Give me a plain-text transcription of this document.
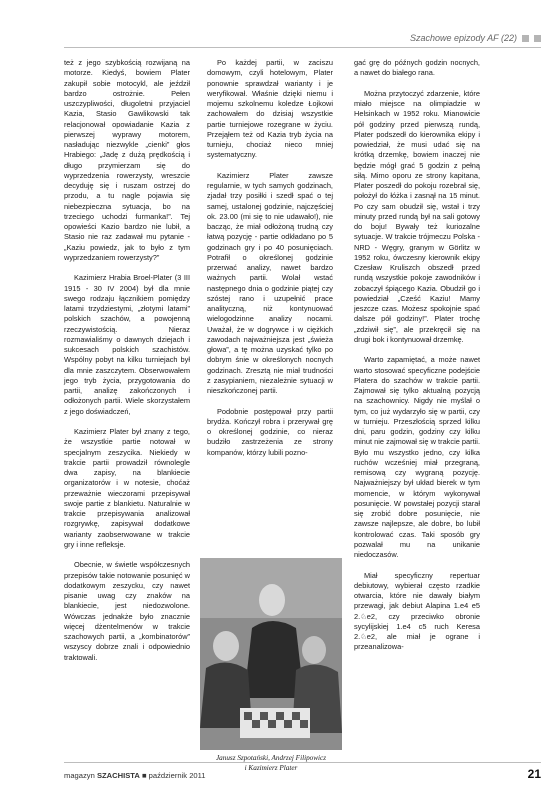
Szachowe epizody AF (22)

też z jego szybkością rozwijaną na motorze. Kiedyś, bowiem Plater zakupił sobie motocykl, ale jeździł bardzo ostrożnie. Pełen uszczypliwości, długoletni przyjaciel Kazia, Stasio Gawlikowski tak relacjonował opowiadanie Kazia z pierwszej wyprawy motorem, nasładując niezwykle „cienki” głos Hrabiego: „Jadę z dużą prędkością i długo przymierzam się do wyprzedzenia rowerzysty, wreszcie decyduję się i ruszam ostrzej do przodu, a tu nagle pojawia się niebezpieczna sytuacja, bo na trzeciego uchodzi furmanka!”. Tej opowieści Kazio bardzo nie lubił, a Stasio nie raz zadawał mu pytanie - „Kaziu powiedz, jak to było z tym wyprzedzaniem rowerzysty?”

Kazimierz Hrabia Broel-Plater (3 III 1915 - 30 IV 2004) był dla mnie swego rodzaju łącznikiem pomiędzy latami trzydziestymi, „złotymi latami” polskich szachów, a powojenną rzeczywistością. Nieraz rozmawialiśmy o dawnych dziejach i sukcesach polskich szachistów. Wspólny pobyt na kilku turniejach był dla mnie zaszczytem. Obserwowałem jego tryb życia, przygotowania do partii, analizę zakończonych i odłożonych partii. Wiele skorzystałem z jego doświadczeń,

Kazimierz Plater był znany z tego, że wszystkie partie notował w specjalnym zeszycika. Niekiedy w trakcie partii prowadził równolegle dwa zapisy, na blankiecie organizatorów i w notesie, choćaż przeważnie wieczorami przepisywał swoje partie z blankietu. Naturalnie w trakcie przepisywania analizował rozgrywkę, zapisywał dodatkowe warianty zaobserwowane w trakcie gry i inne refleksje.

Obecnie, w świetle współczesnych przepisów takie notowanie posunięć w dodatkowym zeszycku, czy nawet pisanie uwag czy znaków na blankiecie, jest niedozwolone. Wówczas jednakże było znacznie więcej dżentelmenów w trakcie szachowych partii, a „kombinatorów” wszyscy dobrze znali i odpowiednio traktowali.

Po każdej partii, w zaciszu domowym, czyli hotelowym, Plater ponownie sprawdzał warianty i je weryfikował. Właśnie dzięki niemu i mojemu szkolnemu koledze Łojkowi zachowałem do dzisiaj wszystkie partie turniejowe rozegrane w życiu. Przejąłem też od Kazia tryb życia na turnieju, chociaż nieco mniej systematyczny.

Kazimierz Plater zawsze regularnie, w tych samych godzinach, zjadał trzy posiłki i szedł spać o tej samej, ustalonej godzinie, najczęściej ok. 23.00 (mi się to nie udawało!), nie bacząc, że miał odłożoną trudną czy łatwą pozycję - partie odkładano po 5 godzinach gry i po 40 posunięciach. Potrafił o określonej godzinie przerwać analizy, nawet bardzo ważnych partii. Wolał wstać następnego dnia o godzinie piątej czy szóstej rano i uzupełnić prace analityczną, niż kontynuować wielogodzinne analizy nocami. Uważał, że w dogrywce i w ciężkich zawodach najważniejsza jest „świeża głowa”, a tę można uzyskać tylko po dobrym śnie w określonych nocnych godzinach. Zresztą nie miał trudności z zasypianiem, niezależnie sytuacji w nieszkończonej partii.

Podobnie postępował przy partii brydża. Kończył robra i przerywał grę o określonej godzinie, co nieraz budziło zastrzeżenia ze strony kompanów, którzy lubili pozno-

Janusz Szpotański, Andrzej Filipowicz
i Kazimierz Plater

gać grę do późnych godzin nocnych, a nawet do białego rana.

Można przytoczyć zdarzenie, które miało miejsce na olimpiadzie w Helsinkach w 1952 roku. Mianowicie pół godziny przed pierwszą rundą, Plater podszedł do kierownika ekipy i powiedział, że musi udać się na krótką drzemkę, bowiem inaczej nie będzie mógł grać 5 godzin z pełną siłą. Mimo oporu ze strony kapitana, Plater poszedł do pokoju rozebrał się, położył do łóżka i zasnął na 15 minut. Po czy sam obudził się, wstał i trzy minuty przed rundą był na sali gotowy do boju! Bywały też kuriozalne sytuacje. W trakcie trójmeczu Polska - NRD - Węgry, granym w Görlitz w 1952 roku, ówczesny kierownik ekipy Czesław Kruliszch obszedł przed rundą wszystkie pokoje zawodników i zobaczył śpiącego Kazia. Obudził go i powiedział „Cześć Kaziu! Mamy jeszcze czas. Możesz spokojnie spać dalsze pół godziny!”. Plater trochę „zdziwił się”, ale przekręcił się na drugi bok i kontynuował drzemkę.

Warto zapamiętać, a może nawet warto stosować specyficzne podejście Platera do szachów w trakcie partii. Zajmował się tylko aktualną pozycją na szachownicy. Nigdy nie myślał o tym, co już wydarzyło się w partii, czy w turnieju. Przeszłością sprzed kilku dni, paru godzin, godziny czy kilku minut nie zajmował się w trakcie partii. Było mu wszystko jedno, czy kilka ruchów wcześniej miał przegraną, remisową czy wygraną pozycję. Najważniejszy był układ bierek w tym momencie, w którym wykonywał posunięcie. W powstałej pozycji starał się zrobić dobre posunięcie, nie zawsze najlepsze, ale dobre, bo lubił kontrolować czas. Taki sposób gry pozwalał mu na unikanie niedoczasów.

Miał specyficzny repertuar debiutowy, wybierał często rzadkie otwarcia, które nie dawały białym przewagi, jak debiut Alapina 1.e4 e5 2.♘e2, czy przeciwko obronie sycylijskiej 1.e4 c5 ruch Keresa 2.♘e2, ale miał je ograne i przeanalizowa-

magazyn SZACHISTA ■ październik 2011	21
